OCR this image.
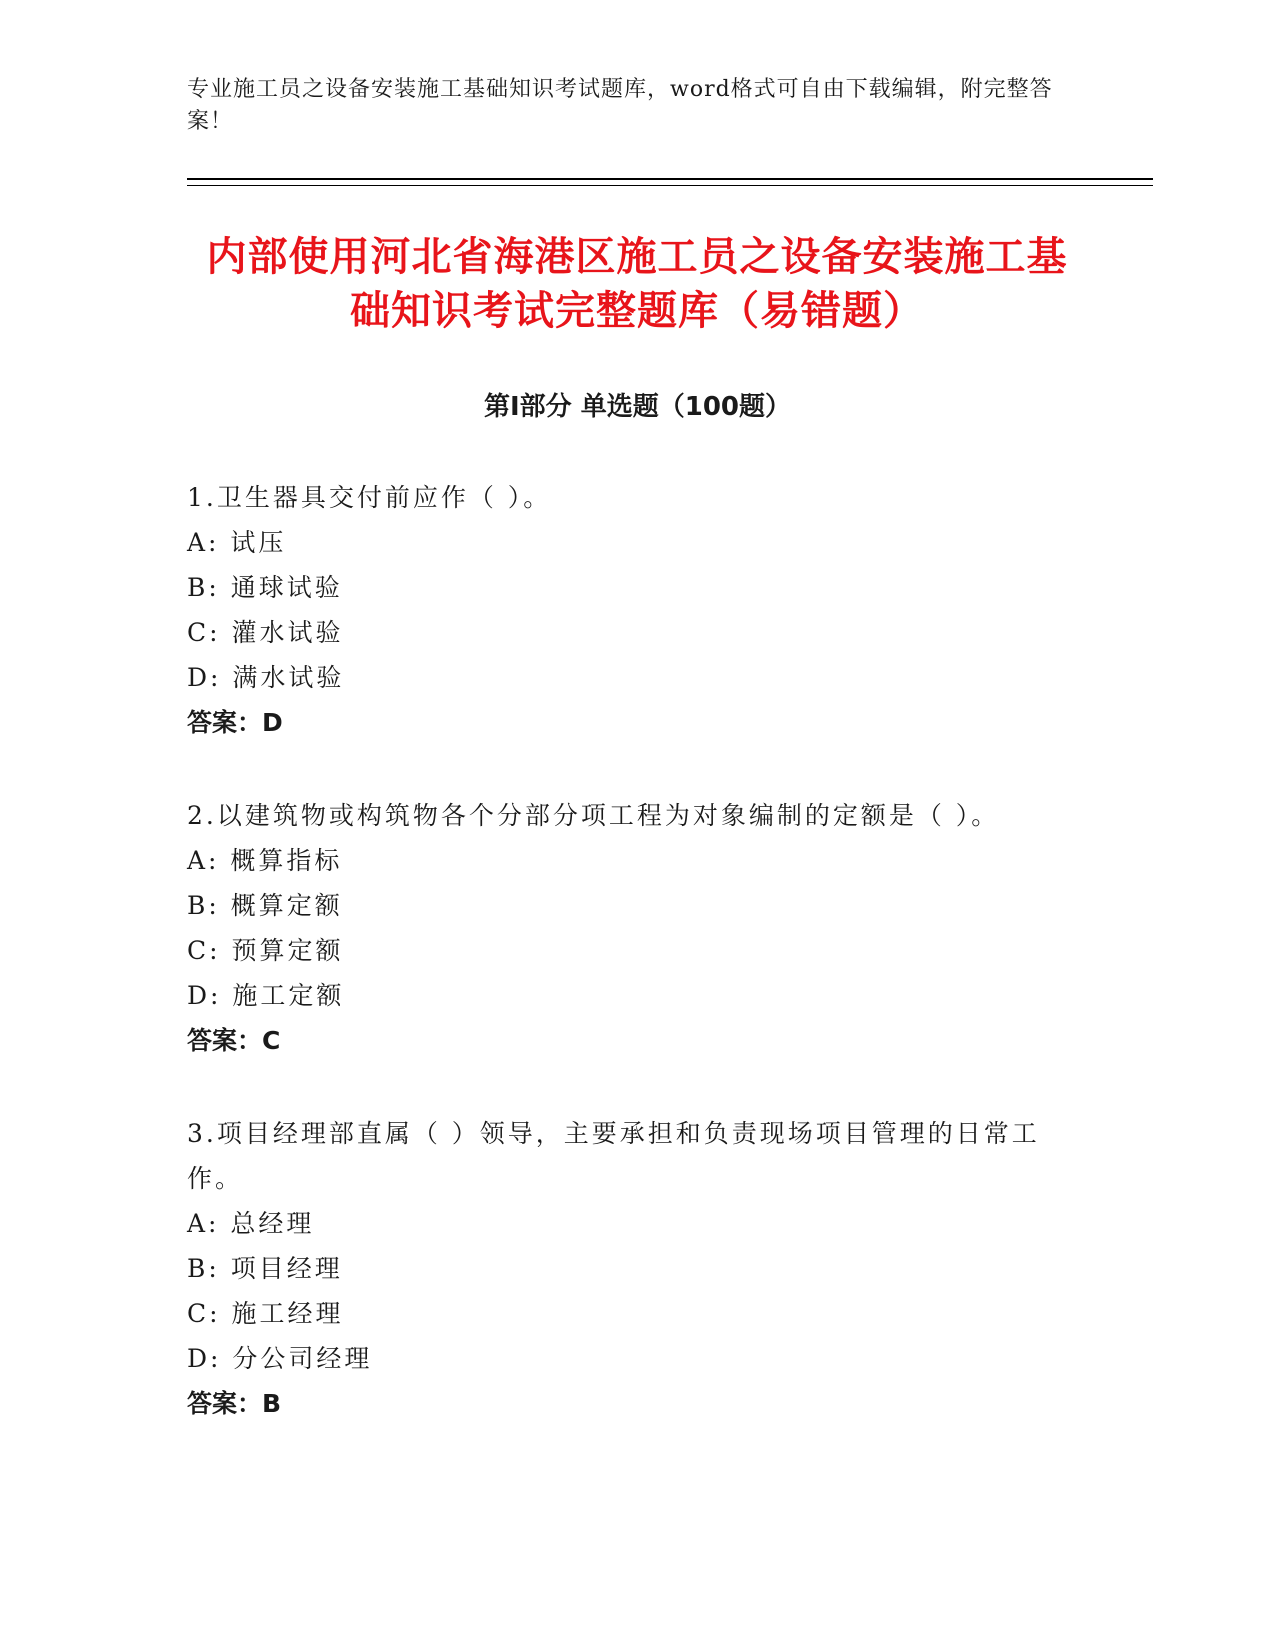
专业施工员之设备安装施工基础知识考试题库，word格式可自由下载编辑，附完整答案！
内部使用河北省海港区施工员之设备安装施工基础知识考试完整题库（易错题）
第Ⅰ部分 单选题（100题）

1.卫生器具交付前应作（ ）。

A: 试压

B: 通球试验

C: 灌水试验

D: 满水试验

答案：D

2.以建筑物或构筑物各个分部分项工程为对象编制的定额是（ ）。

A: 概算指标

B: 概算定额

C: 预算定额

D: 施工定额

答案：C

3.项目经理部直属（ ）领导，主要承担和负责现场项目管理的日常工作。

A: 总经理

B: 项目经理

C: 施工经理

D: 分公司经理

答案：B
